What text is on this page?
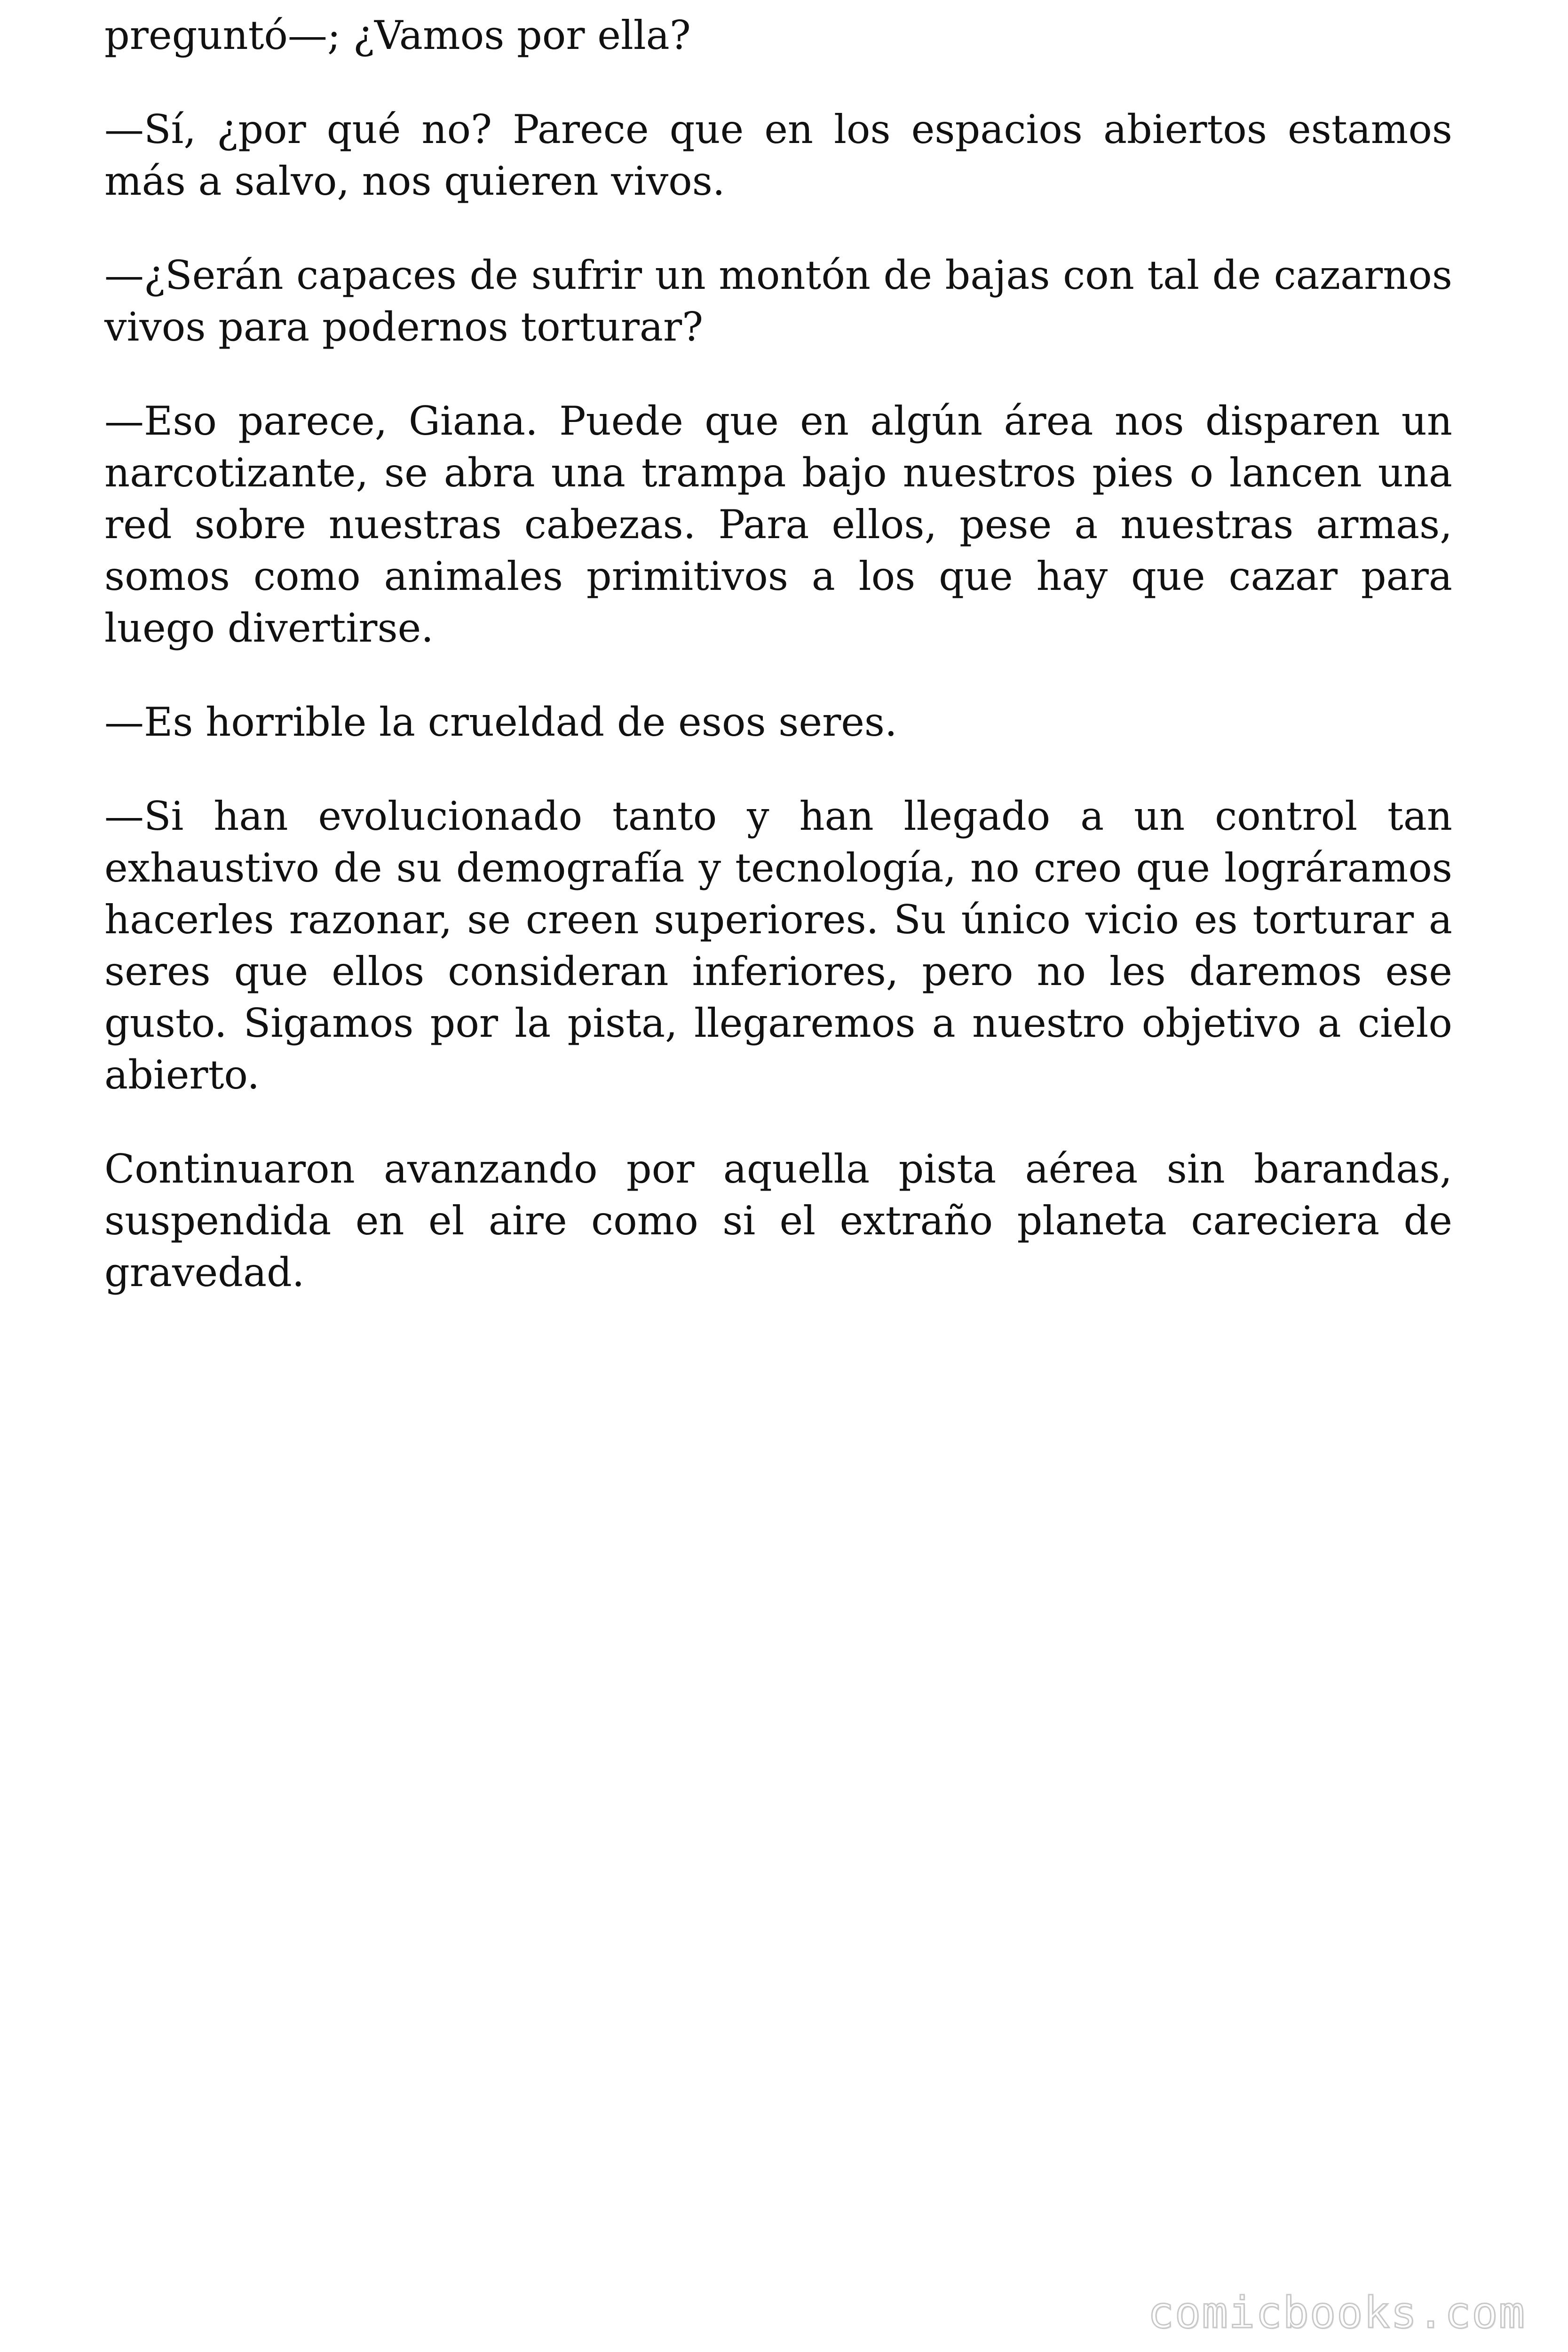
preguntó—; ¿Vamos por ella?

—Sí, ¿por qué no? Parece que en los espacios abiertos estamos más a salvo, nos quieren vivos.

—¿Serán capaces de sufrir un montón de bajas con tal de cazarnos vivos para podernos torturar?

—Eso parece, Giana. Puede que en algún área nos disparen un narcotizante, se abra una trampa bajo nuestros pies o lancen una red sobre nuestras cabezas. Para ellos, pese a nuestras armas, somos como animales primitivos a los que hay que cazar para luego divertirse.

—Es horrible la crueldad de esos seres.

—Si han evolucionado tanto y han llegado a un control tan exhaustivo de su demografía y tecnología, no creo que lográramos hacerles razonar, se creen superiores. Su único vicio es torturar a seres que ellos consideran inferiores, pero no les daremos ese gusto. Sigamos por la pista, llegaremos a nuestro objetivo a cielo abierto.

Continuaron avanzando por aquella pista aérea sin barandas, suspendida en el aire como si el extraño planeta careciera de gravedad.

comicbooks.com
